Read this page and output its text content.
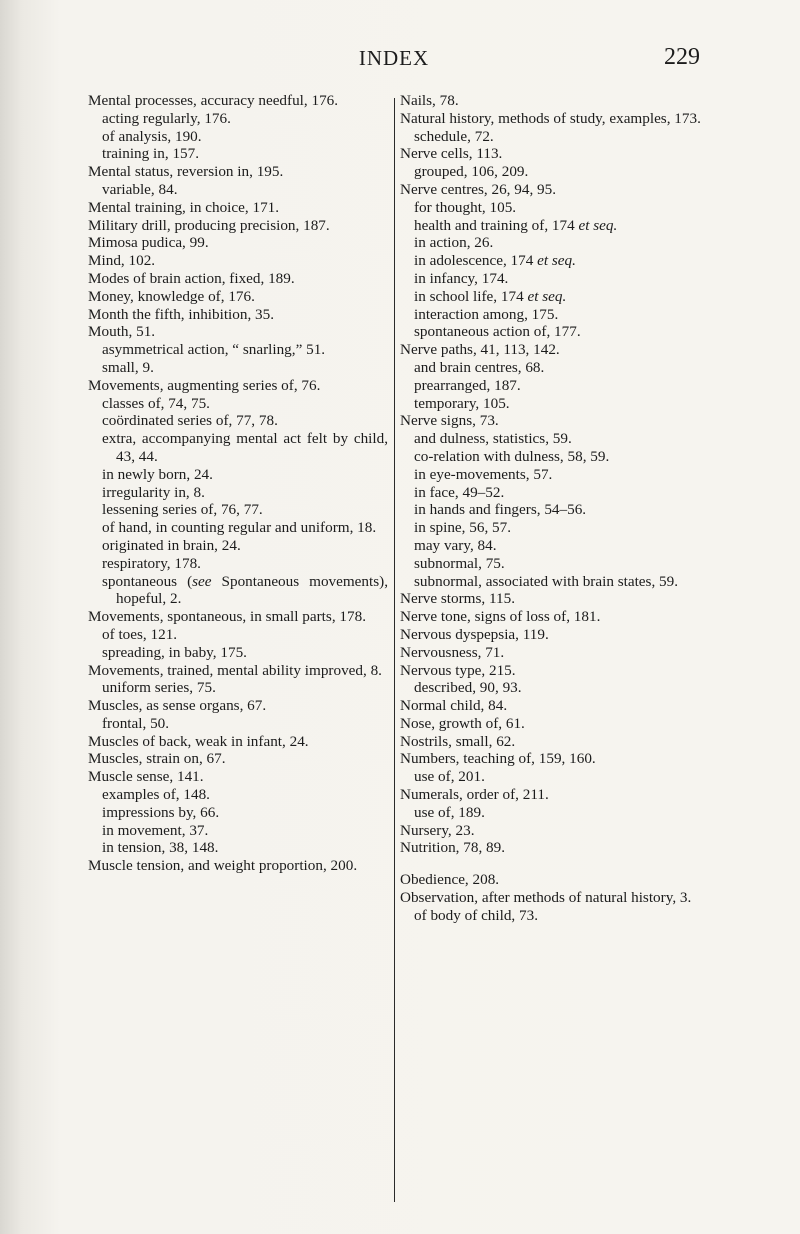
INDEX	229
Mental processes, accuracy needful, 176.
acting regularly, 176.
of analysis, 190.
training in, 157.
Mental status, reversion in, 195.
variable, 84.
Mental training, in choice, 171.
Military drill, producing precision, 187.
Mimosa pudica, 99.
Mind, 102.
Modes of brain action, fixed, 189.
Money, knowledge of, 176.
Month the fifth, inhibition, 35.
Mouth, 51.
asymmetrical action, “ snarling,” 51.
small, 9.
Movements, augmenting series of, 76.
classes of, 74, 75.
coördinated series of, 77, 78.
extra, accompanying mental act felt by child, 43, 44.
in newly born, 24.
irregularity in, 8.
lessening series of, 76, 77.
of hand, in counting regular and uniform, 18.
originated in brain, 24.
respiratory, 178.
spontaneous (see Spontaneous movements), hopeful, 2.
Movements, spontaneous, in small parts, 178.
of toes, 121.
spreading, in baby, 175.
Movements, trained, mental ability improved, 8.
uniform series, 75.
Muscles, as sense organs, 67.
frontal, 50.
Muscles of back, weak in infant, 24.
Muscles, strain on, 67.
Muscle sense, 141.
examples of, 148.
impressions by, 66.
in movement, 37.
in tension, 38, 148.
Muscle tension, and weight proportion, 200.
Nails, 78.
Natural history, methods of study, examples, 173.
schedule, 72.
Nerve cells, 113.
grouped, 106, 209.
Nerve centres, 26, 94, 95.
for thought, 105.
health and training of, 174 et seq.
in action, 26.
in adolescence, 174 et seq.
in infancy, 174.
in school life, 174 et seq.
interaction among, 175.
spontaneous action of, 177.
Nerve paths, 41, 113, 142.
and brain centres, 68.
prearranged, 187.
temporary, 105.
Nerve signs, 73.
and dulness, statistics, 59.
co-relation with dulness, 58, 59.
in eye-movements, 57.
in face, 49–52.
in hands and fingers, 54–56.
in spine, 56, 57.
may vary, 84.
subnormal, 75.
subnormal, associated with brain states, 59.
Nerve storms, 115.
Nerve tone, signs of loss of, 181.
Nervous dyspepsia, 119.
Nervousness, 71.
Nervous type, 215.
described, 90, 93.
Normal child, 84.
Nose, growth of, 61.
Nostrils, small, 62.
Numbers, teaching of, 159, 160.
use of, 201.
Numerals, order of, 211.
use of, 189.
Nursery, 23.
Nutrition, 78, 89.
Obedience, 208.
Observation, after methods of natural history, 3.
of body of child, 73.
